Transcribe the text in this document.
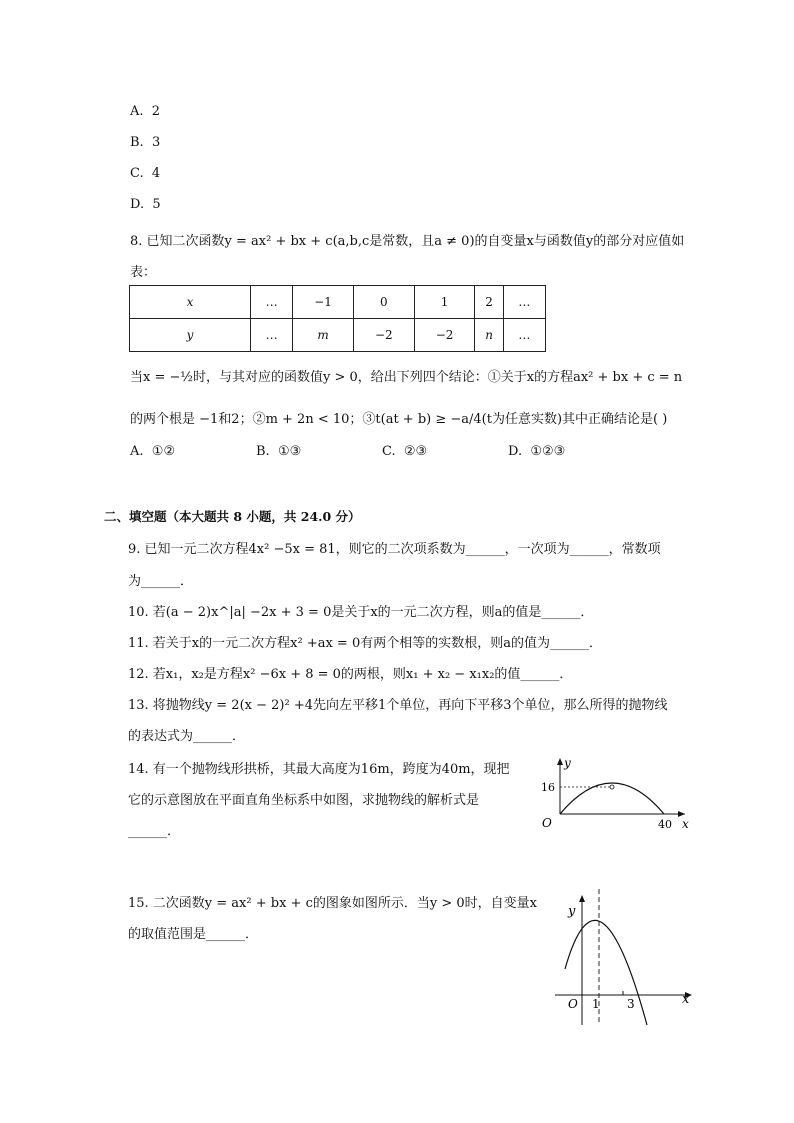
A. 2
B. 3
C. 4
D. 5
8. 已知二次函数y = ax² + bx + c(a,b,c是常数，且a ≠ 0)的自变量x与函数值y的部分对应值如
表：
x	…	−1	0	1	2	…
y	…	m	−2	−2	n	…
当x = −½时，与其对应的函数值y > 0，给出下列四个结论：①关于x的方程ax² + bx + c = n
的两个根是 −1和2；②m + 2n < 10；③t(at + b) ≥ −a/4(t为任意实数)其中正确结论是( )
A. ①②	B. ①③	C. ②③	D. ①②③
二、填空题（本大题共 8 小题，共 24.0 分）
9. 已知一元二次方程4x² −5x = 81，则它的二次项系数为______，一次项为______，常数项
为______．
10. 若(a − 2)x^|a| −2x + 3 = 0是关于x的一元二次方程，则a的值是______．
11. 若关于x的一元二次方程x² +ax = 0有两个相等的实数根，则a的值为______．
12. 若x₁，x₂是方程x² −6x + 8 = 0的两根，则x₁ + x₂ − x₁x₂的值______．
13. 将抛物线y = 2(x − 2)² +4先向左平移1个单位，再向下平移3个单位，那么所得的抛物线
的表达式为______．
14. 有一个抛物线形拱桥，其最大高度为16m，跨度为40m，现把
它的示意图放在平面直角坐标系中如图，求抛物线的解析式是
______．
y
x
O
16
40
15. 二次函数y = ax² + bx + c的图象如图所示．当y > 0时，自变量x
的取值范围是______．
y
x
O 1 3
